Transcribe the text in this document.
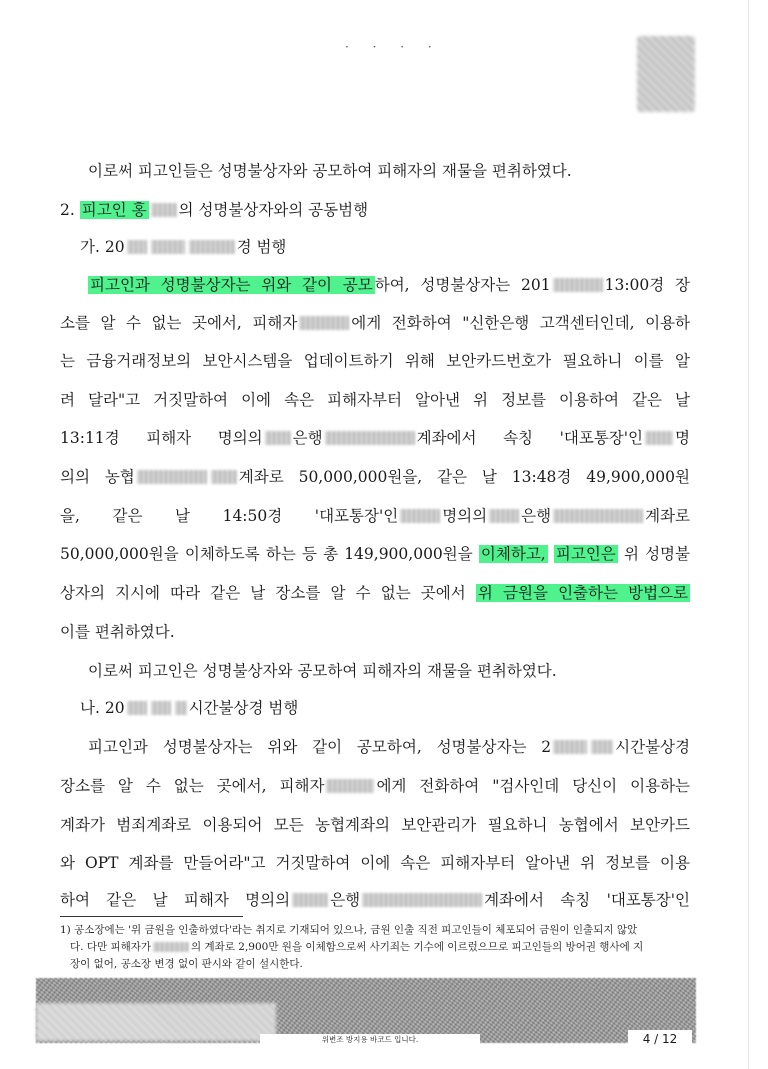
· · · ·
이로써 피고인들은 성명불상자와 공모하여 피해자의 재물을 편취하였다.
2. 피고인 홍 의 성명불상자와의 공동범행
가. 20	경 범행
피고인과 성명불상자는 위와 같이 공모 하여, 성명불상자는 201	13:00경 장
소를 알 수 없는 곳에서, 피해자	에게 전화하여 "신한은행 고객센터인데, 이용하
는 금융거래정보의 보안시스템을 업데이트하기 위해 보안카드번호가 필요하니 이를 알
려 달라"고 거짓말하여 이에 속은 피해자부터 알아낸 위 정보를 이용하여 같은 날
13:11경 피해자 명의의 은행	계좌에서 속칭 '대포통장'인 명
의의 농협	계좌로 50,000,000원을, 같은 날 13:48경 49,900,000원
을, 같은 날 14:50경 '대포통장'인	명의의 은행	계좌로
50,000,000원을 이체하도록 하는 등 총 149,900,000원을 이체하고, 피고인은 위 성명불
상자의 지시에 따라 같은 날 장소를 알 수 없는 곳에서 위 금원을 인출하는 방법으로
이를 편취하였다.
이로써 피고인은 성명불상자와 공모하여 피해자의 재물을 편취하였다.
나. 20	시간불상경 범행
피고인과 성명불상자는 위와 같이 공모하여, 성명불상자는 2	시간불상경
장소를 알 수 없는 곳에서, 피해자	에게 전화하여 "검사인데 당신이 이용하는
계좌가 범죄계좌로 이용되어 모든 농협계좌의 보안관리가 필요하니 농협에서 보안카드
와 OPT 계좌를 만들어라"고 거짓말하여 이에 속은 피해자부터 알아낸 위 정보를 이용
하여 같은 날 피해자 명의의	은행	계좌에서 속칭 '대포통장'인
1) 공소장에는 '위 금원을 인출하였다'라는 취지로 기재되어 있으나, 금원 인출 직전 피고인들이 체포되어 금원이 인출되지 않았
다. 다만 피해자가	의 계좌로 2,900만 원을 이체함으로써 사기죄는 기수에 이르렀으므로 피고인들의 방어권 행사에 지
장이 없어, 공소장 변경 없이 판시와 같이 설시한다.
위변조 방지용 바코드 입니다.	4 / 12
